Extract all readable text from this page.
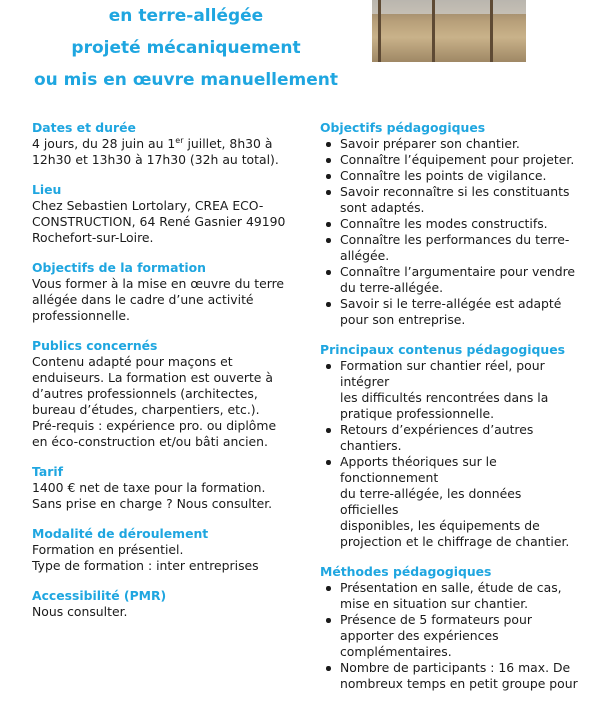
en terre-allégée
projeté mécaniquement
ou mis en œuvre manuellement
Dates et durée
4 jours, du 28 juin au 1er juillet, 8h30 à
12h30 et 13h30 à 17h30 (32h au total).
Lieu
Chez Sebastien Lortolary, CREA ECO-
CONSTRUCTION, 64 René Gasnier 49190
Rochefort-sur-Loire.
Objectifs de la formation
Vous former à la mise en œuvre du terre
allégée dans le cadre d’une activité
professionnelle.
Publics concernés
Contenu adapté pour maçons et
enduiseurs. La formation est ouverte à
d’autres professionnels (architectes,
bureau d’études, charpentiers, etc.).
Pré-requis : expérience pro. ou diplôme
en éco-construction et/ou bâti ancien.
Tarif
1400 € net de taxe pour la formation.
Sans prise en charge ? Nous consulter.
Modalité de déroulement
Formation en présentiel.
Type de formation : inter entreprises
Accessibilité (PMR)
Nous consulter.
Objectifs pédagogiques
Savoir préparer son chantier.
Connaître l’équipement pour projeter.
Connaître les points de vigilance.
Savoir reconnaître si les constituants
sont adaptés.
Connaître les modes constructifs.
Connaître les performances du terre-
allégée.
Connaître l’argumentaire pour vendre
du terre-allégée.
Savoir si le terre-allégée est adapté
pour son entreprise.
Principaux contenus pédagogiques
Formation sur chantier réel, pour intégrer
les difficultés rencontrées dans la
pratique professionnelle.
Retours d’expériences d’autres chantiers.
Apports théoriques sur le fonctionnement
du terre-allégée, les données officielles
disponibles, les équipements de
projection et le chiffrage de chantier.
Méthodes pédagogiques
Présentation en salle, étude de cas,
mise en situation sur chantier.
Présence de 5 formateurs pour
apporter des expériences
complémentaires.
Nombre de participants : 16 max. De
nombreux temps en petit groupe pour
